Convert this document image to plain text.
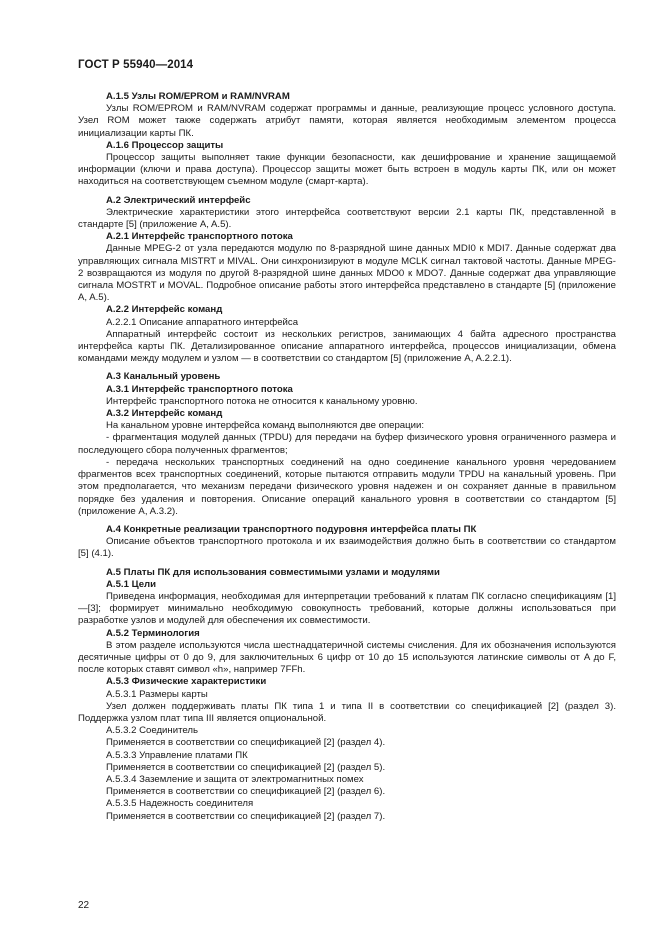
ГОСТ Р 55940—2014

A.1.5 Узлы ROM/EPROM и RAM/NVRAM

Узлы ROM/EPROM и RAM/NVRAM содержат программы и данные, реализующие процесс условного доступа. Узел ROM может также содержать атрибут памяти, которая является необходимым элементом процесса инициализации карты ПК.

A.1.6 Процессор защиты

Процессор защиты выполняет такие функции безопасности, как дешифрование и хранение защищаемой информации (ключи и права доступа). Процессор защиты может быть встроен в модуль карты ПК, или он может находиться на соответствующем съемном модуле (смарт-карта).

A.2 Электрический интерфейс

Электрические характеристики этого интерфейса соответствуют версии 2.1 карты ПК, представленной в стандарте [5] (приложение A, A.5).

A.2.1 Интерфейс транспортного потока

Данные MPEG-2 от узла передаются модулю по 8-разрядной шине данных MDI0 к MDI7. Данные содержат два управляющих сигнала MISTRT и MIVAL. Они синхронизируют в модуле MCLK сигнал тактовой частоты. Данные MPEG-2 возвращаются из модуля по другой 8-разрядной шине данных MDO0 к MDO7. Данные содержат два управляющие сигнала MOSTRT и MOVAL. Подробное описание работы этого интерфейса представлено в стандарте [5] (приложение A, A.5).

A.2.2 Интерфейс команд

A.2.2.1 Описание аппаратного интерфейса

Аппаратный интерфейс состоит из нескольких регистров, занимающих 4 байта адресного пространства интерфейса карты ПК. Детализированное описание аппаратного интерфейса, процессов инициализации, обмена командами между модулем и узлом — в соответствии со стандартом [5] (приложение A, A.2.2.1).

A.3 Канальный уровень

A.3.1 Интерфейс транспортного потока

Интерфейс транспортного потока не относится к канальному уровню.

A.3.2 Интерфейс команд

На канальном уровне интерфейса команд выполняются две операции:

- фрагментация модулей данных (TPDU) для передачи на буфер физического уровня ограниченного размера и последующего сбора полученных фрагментов;

- передача нескольких транспортных соединений на одно соединение канального уровня чередованием фрагментов всех транспортных соединений, которые пытаются отправить модули TPDU на канальный уровень. При этом предполагается, что механизм передачи физического уровня надежен и он сохраняет данные в правильном порядке без удаления и повторения. Описание операций канального уровня в соответствии со стандартом [5] (приложение A, A.3.2).

A.4 Конкретные реализации транспортного подуровня интерфейса платы ПК

Описание объектов транспортного протокола и их взаимодействия должно быть в соответствии со стандартом [5] (4.1).

A.5 Платы ПК для использования совместимыми узлами и модулями

A.5.1 Цели

Приведена информация, необходимая для интерпретации требований к платам ПК согласно спецификациям [1]—[3]; формирует минимально необходимую совокупность требований, которые должны использоваться при разработке узлов и модулей для обеспечения их совместимости.

A.5.2 Терминология

В этом разделе используются числа шестнадцатеричной системы счисления. Для их обозначения используются десятичные цифры от 0 до 9, для заключительных 6 цифр от 10 до 15 используются латинские символы от A до F, после которых ставят символ «h», например 7FFh.

A.5.3 Физические характеристики

A.5.3.1 Размеры карты

Узел должен поддерживать платы ПК типа 1 и типа II в соответствии со спецификацией [2] (раздел 3). Поддержка узлом плат типа III является опциональной.

A.5.3.2 Соединитель

Применяется в соответствии со спецификацией [2] (раздел 4).

A.5.3.3 Управление платами ПК

Применяется в соответствии со спецификацией [2] (раздел 5).

A.5.3.4 Заземление и защита от электромагнитных помех

Применяется в соответствии со спецификацией [2] (раздел 6).

A.5.3.5 Надежность соединителя

Применяется в соответствии со спецификацией [2] (раздел 7).

22
